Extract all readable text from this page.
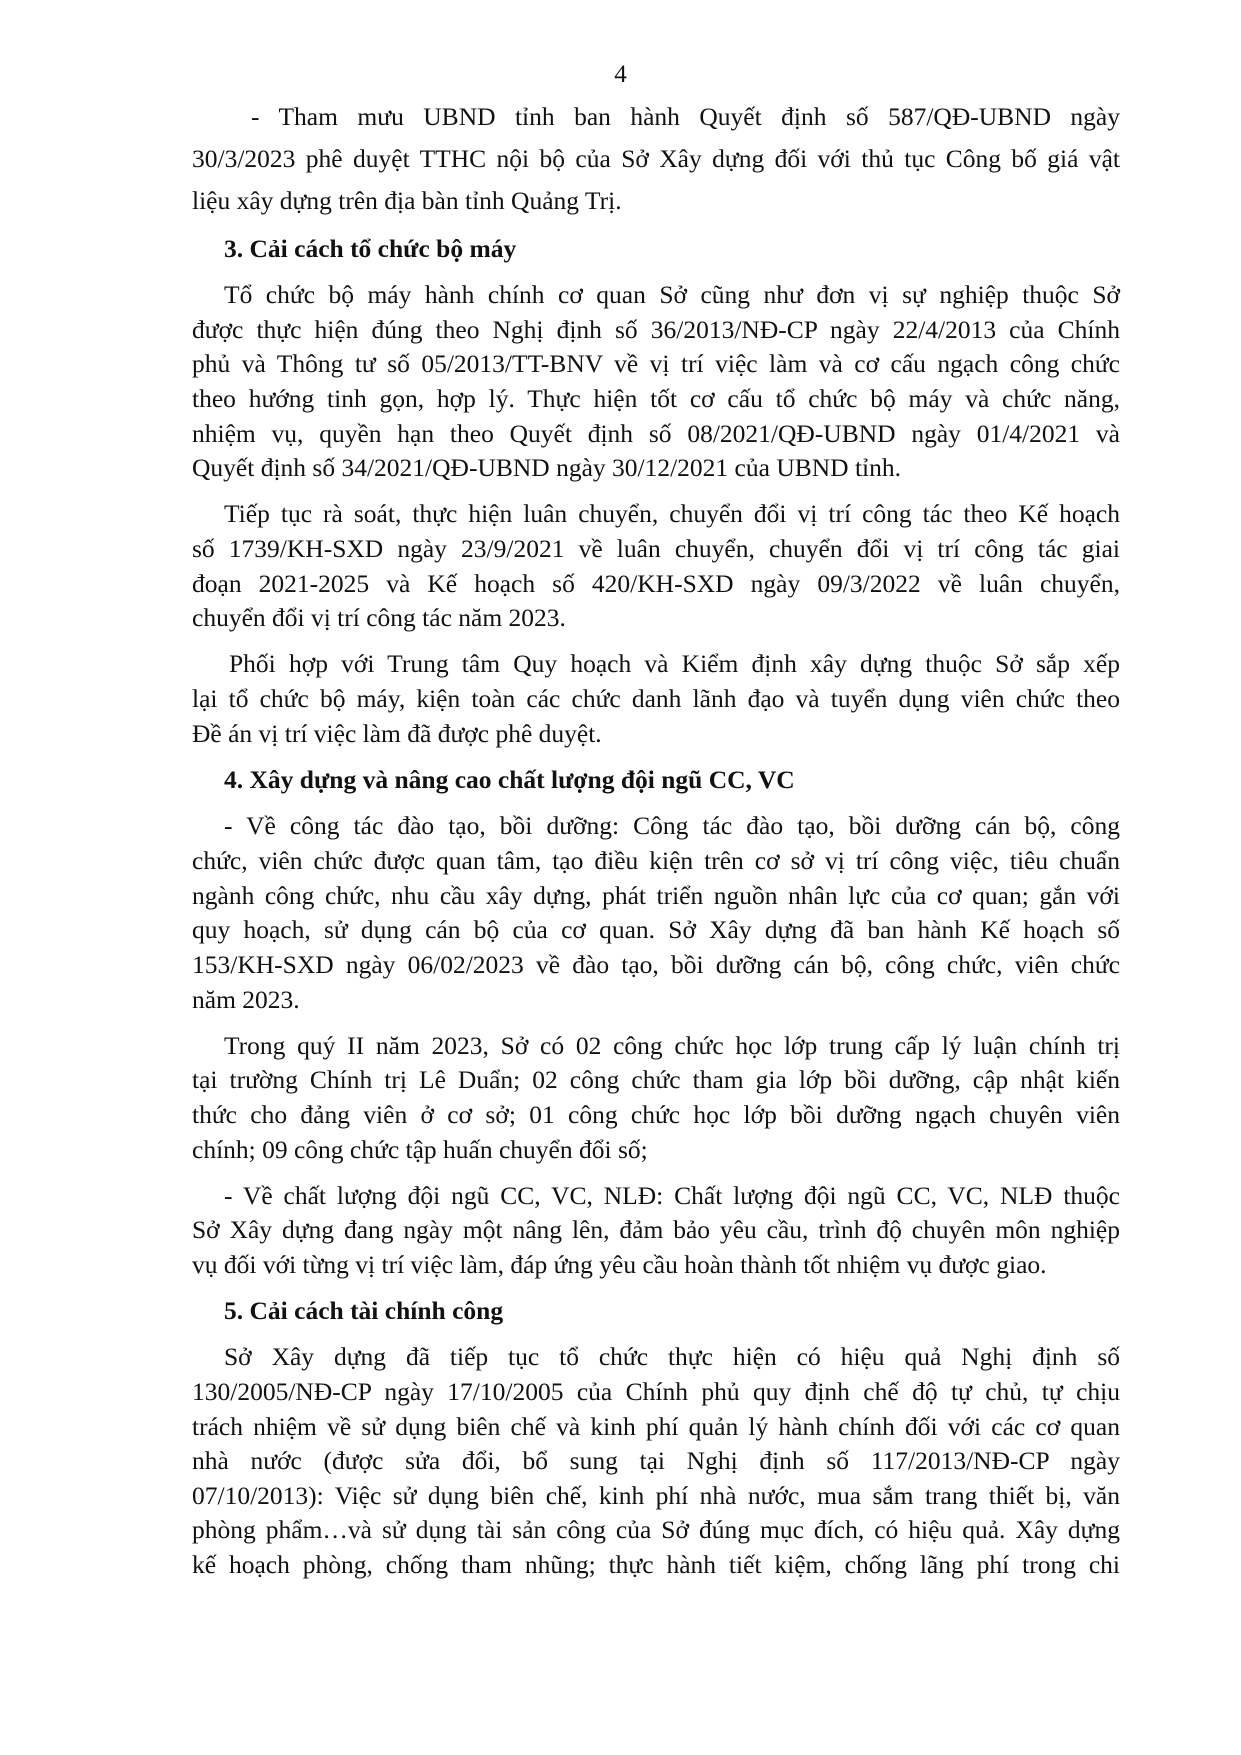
4
- Tham mưu UBND tỉnh ban hành Quyết định số 587/QĐ-UBND ngày
30/3/2023 phê duyệt TTHC nội bộ của Sở Xây dựng đối với thủ tục Công bố giá vật
liệu xây dựng trên địa bàn tỉnh Quảng Trị.
3. Cải cách tổ chức bộ máy
Tổ chức bộ máy hành chính cơ quan Sở cũng như đơn vị sự nghiệp thuộc Sở
được thực hiện đúng theo Nghị định số 36/2013/NĐ-CP ngày 22/4/2013 của Chính
phủ và Thông tư số 05/2013/TT-BNV về vị trí việc làm và cơ cấu ngạch công chức
theo hướng tinh gọn, hợp lý. Thực hiện tốt cơ cấu tổ chức bộ máy và chức năng,
nhiệm vụ, quyền hạn theo Quyết định số 08/2021/QĐ-UBND ngày 01/4/2021 và
Quyết định số 34/2021/QĐ-UBND ngày 30/12/2021 của UBND tỉnh.
Tiếp tục rà soát, thực hiện luân chuyển, chuyển đổi vị trí công tác theo Kế hoạch
số 1739/KH-SXD ngày 23/9/2021 về luân chuyển, chuyển đổi vị trí công tác giai
đoạn 2021-2025 và Kế hoạch số 420/KH-SXD ngày 09/3/2022 về luân chuyển,
chuyển đổi vị trí công tác năm 2023.
Phối hợp với Trung tâm Quy hoạch và Kiểm định xây dựng thuộc Sở sắp xếp
lại tổ chức bộ máy, kiện toàn các chức danh lãnh đạo và tuyển dụng viên chức theo
Đề án vị trí việc làm đã được phê duyệt.
4. Xây dựng và nâng cao chất lượng đội ngũ CC, VC
- Về công tác đào tạo, bồi dưỡng: Công tác đào tạo, bồi dưỡng cán bộ, công
chức, viên chức được quan tâm, tạo điều kiện trên cơ sở vị trí công việc, tiêu chuẩn
ngành công chức, nhu cầu xây dựng, phát triển nguồn nhân lực của cơ quan; gắn với
quy hoạch, sử dụng cán bộ của cơ quan. Sở Xây dựng đã ban hành Kế hoạch số
153/KH-SXD ngày 06/02/2023 về đào tạo, bồi dưỡng cán bộ, công chức, viên chức
năm 2023.
Trong quý II năm 2023, Sở có 02 công chức học lớp trung cấp lý luận chính trị
tại trường Chính trị Lê Duẩn; 02 công chức tham gia lớp bồi dưỡng, cập nhật kiến
thức cho đảng viên ở cơ sở; 01 công chức học lớp bồi dưỡng ngạch chuyên viên
chính; 09 công chức tập huấn chuyển đổi số;
- Về chất lượng đội ngũ CC, VC, NLĐ: Chất lượng đội ngũ CC, VC, NLĐ thuộc
Sở Xây dựng đang ngày một nâng lên, đảm bảo yêu cầu, trình độ chuyên môn nghiệp
vụ đối với từng vị trí việc làm, đáp ứng yêu cầu hoàn thành tốt nhiệm vụ được giao.
5. Cải cách tài chính công
Sở Xây dựng đã tiếp tục tổ chức thực hiện có hiệu quả Nghị định số
130/2005/NĐ-CP ngày 17/10/2005 của Chính phủ quy định chế độ tự chủ, tự chịu
trách nhiệm về sử dụng biên chế và kinh phí quản lý hành chính đối với các cơ quan
nhà nước (được sửa đổi, bổ sung tại Nghị định số 117/2013/NĐ-CP ngày
07/10/2013): Việc sử dụng biên chế, kinh phí nhà nước, mua sắm trang thiết bị, văn
phòng phẩm…và sử dụng tài sản công của Sở đúng mục đích, có hiệu quả. Xây dựng
kế hoạch phòng, chống tham nhũng; thực hành tiết kiệm, chống lãng phí trong chi
